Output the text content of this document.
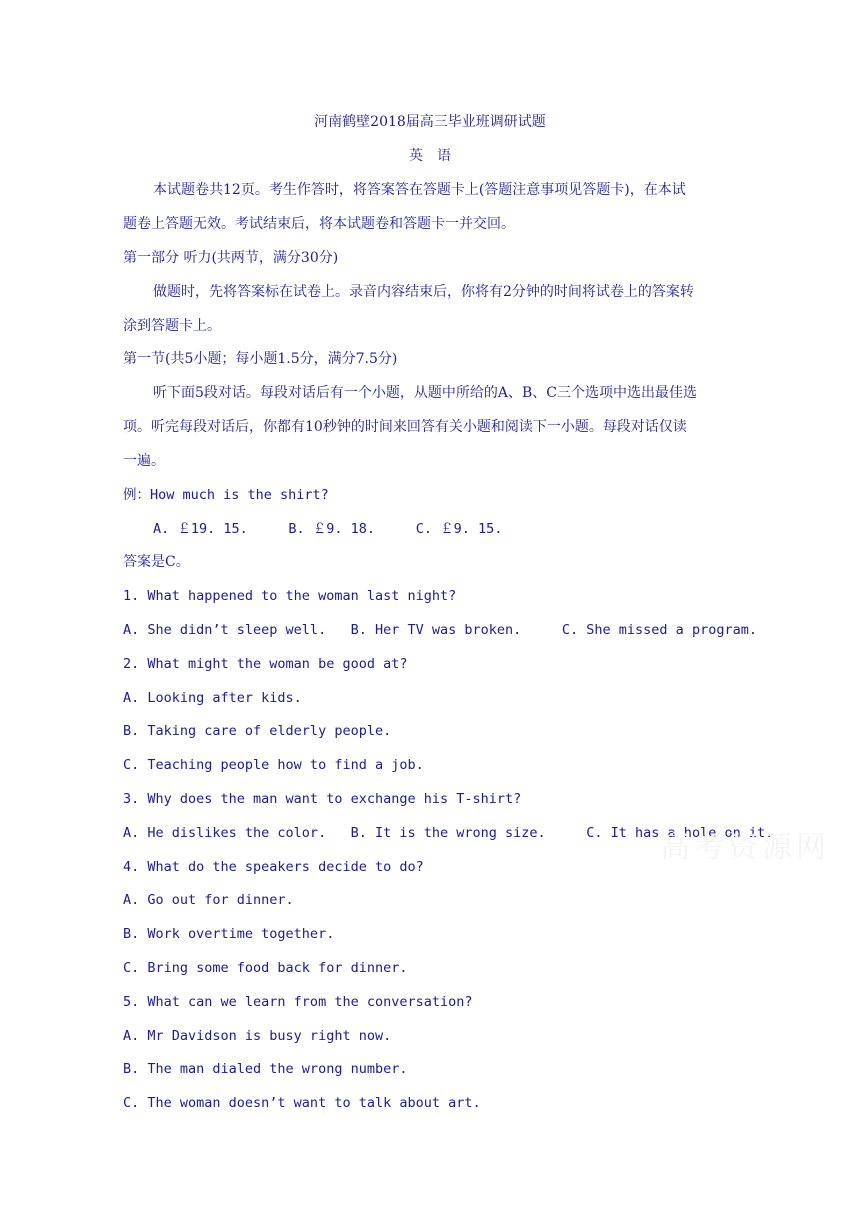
河南鹤壁2018届高三毕业班调研试题
英　语
本试题卷共12页。考生作答时，将答案答在答题卡上(答题注意事项见答题卡)，在本试
题卷上答题无效。考试结束后，将本试题卷和答题卡一并交回。
第一部分 听力(共两节，满分30分)
做题时，先将答案标在试卷上。录音内容结束后，你将有2分钟的时间将试卷上的答案转
涂到答题卡上。
第一节(共5小题；每小题1.5分，满分7.5分)
听下面5段对话。每段对话后有一个小题，从题中所给的A、B、C三个选项中选出最佳选
项。听完每段对话后，你都有10秒钟的时间来回答有关小题和阅读下一小题。每段对话仅读
一遍。
例：How much is the shirt?
A. ￡19. 15.     B. ￡9. 18.     C. ￡9. 15.
答案是C。
1. What happened to the woman last night?
A. She didn’t sleep well.   B. Her TV was broken.     C. She missed a program.
2. What might the woman be good at?
A. Looking after kids.
B. Taking care of elderly people.
C. Teaching people how to find a job.
3. Why does the man want to exchange his T-shirt?
A. He dislikes the color.   B. It is the wrong size.     C. It has a hole on it.
4. What do the speakers decide to do?
A. Go out for dinner.
B. Work overtime together.
C. Bring some food back for dinner.
5. What can we learn from the conversation?
A. Mr Davidson is busy right now.
B. The man dialed the wrong number.
C. The woman doesn’t want to talk about art.
高考资源网
